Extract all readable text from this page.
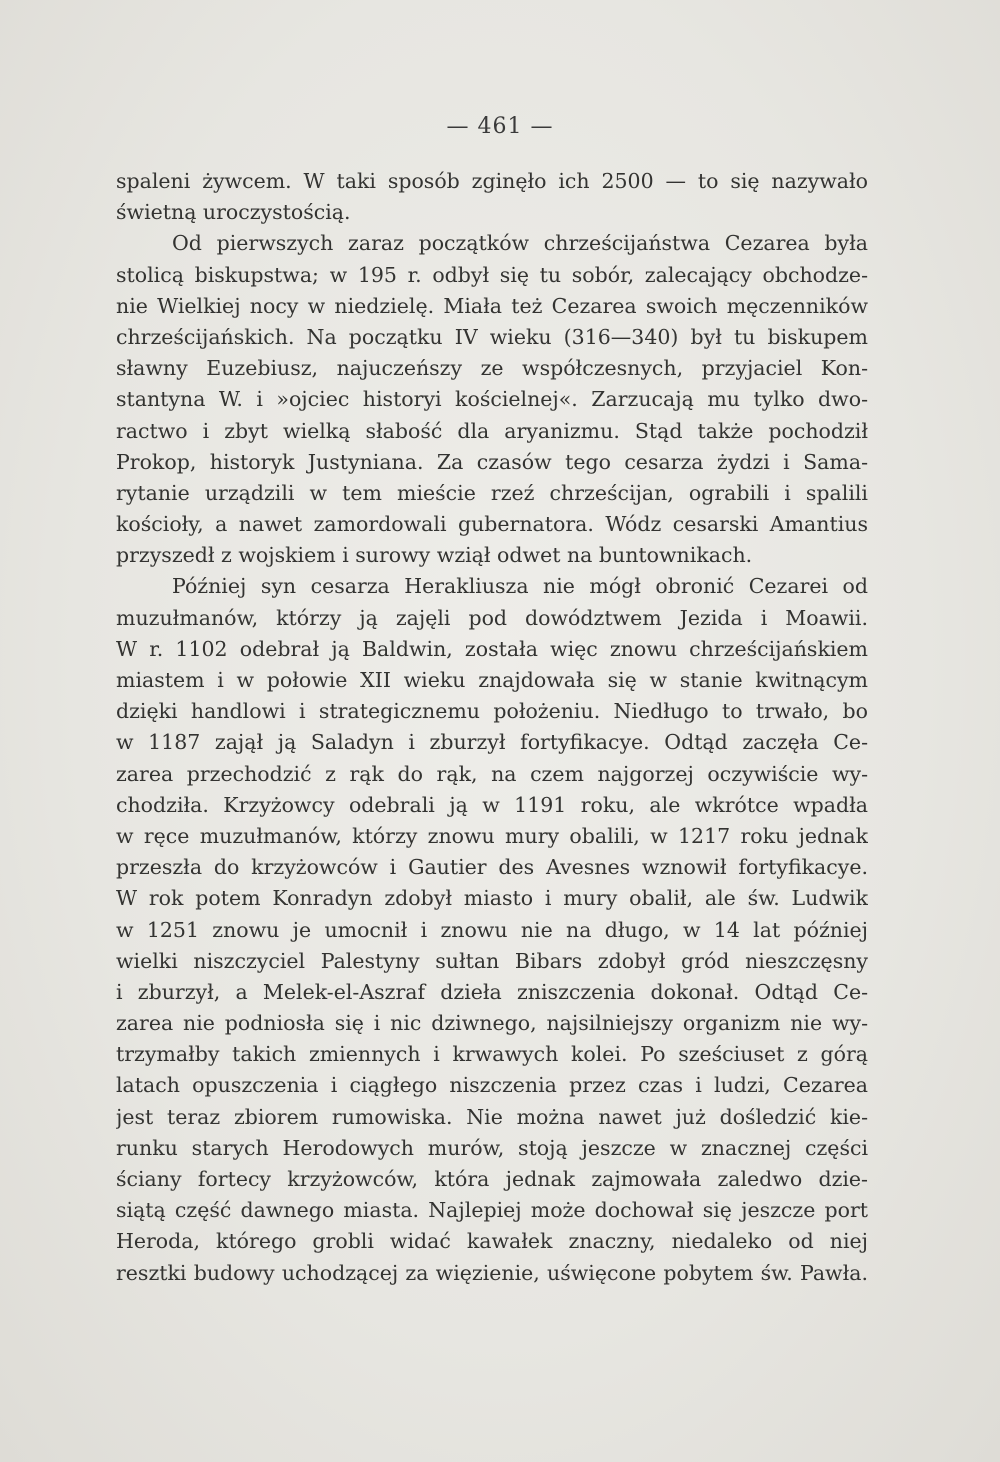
— 461 —
spaleni żywcem. W taki sposób zginęło ich 2500 — to się nazywało
świetną uroczystością.
Od pierwszych zaraz początków chrześcijaństwa Cezarea była
stolicą biskupstwa; w 195 r. odbył się tu sobór, zalecający obchodze-
nie Wielkiej nocy w niedzielę. Miała też Cezarea swoich męczenników
chrześcijańskich. Na początku IV wieku (316—340) był tu biskupem
sławny Euzebiusz, najuczeńszy ze współczesnych, przyjaciel Kon-
stantyna W. i »ojciec historyi kościelnej«. Zarzucają mu tylko dwo-
ractwo i zbyt wielką słabość dla aryanizmu. Stąd także pochodził
Prokop, historyk Justyniana. Za czasów tego cesarza żydzi i Sama-
rytanie urządzili w tem mieście rzeź chrześcijan, ograbili i spalili
kościoły, a nawet zamordowali gubernatora. Wódz cesarski Amantius
przyszedł z wojskiem i surowy wziął odwet na buntownikach.
Później syn cesarza Herakliusza nie mógł obronić Cezarei od
muzułmanów, którzy ją zajęli pod dowództwem Jezida i Moawii.
W r. 1102 odebrał ją Baldwin, została więc znowu chrześcijańskiem
miastem i w połowie XII wieku znajdowała się w stanie kwitnącym
dzięki handlowi i strategicznemu położeniu. Niedługo to trwało, bo
w 1187 zajął ją Saladyn i zburzył fortyfikacye. Odtąd zaczęła Ce-
zarea przechodzić z rąk do rąk, na czem najgorzej oczywiście wy-
chodziła. Krzyżowcy odebrali ją w 1191 roku, ale wkrótce wpadła
w ręce muzułmanów, którzy znowu mury obalili, w 1217 roku jednak
przeszła do krzyżowców i Gautier des Avesnes wznowił fortyfikacye.
W rok potem Konradyn zdobył miasto i mury obalił, ale św. Ludwik
w 1251 znowu je umocnił i znowu nie na długo, w 14 lat później
wielki niszczyciel Palestyny sułtan Bibars zdobył gród nieszczęsny
i zburzył, a Melek-el-Aszraf dzieła zniszczenia dokonał. Odtąd Ce-
zarea nie podniosła się i nic dziwnego, najsilniejszy organizm nie wy-
trzymałby takich zmiennych i krwawych kolei. Po sześciuset z górą
latach opuszczenia i ciągłego niszczenia przez czas i ludzi, Cezarea
jest teraz zbiorem rumowiska. Nie można nawet już dośledzić kie-
runku starych Herodowych murów, stoją jeszcze w znacznej części
ściany fortecy krzyżowców, która jednak zajmowała zaledwo dzie-
siątą część dawnego miasta. Najlepiej może dochował się jeszcze port
Heroda, którego grobli widać kawałek znaczny, niedaleko od niej
resztki budowy uchodzącej za więzienie, uświęcone pobytem św. Pawła.
